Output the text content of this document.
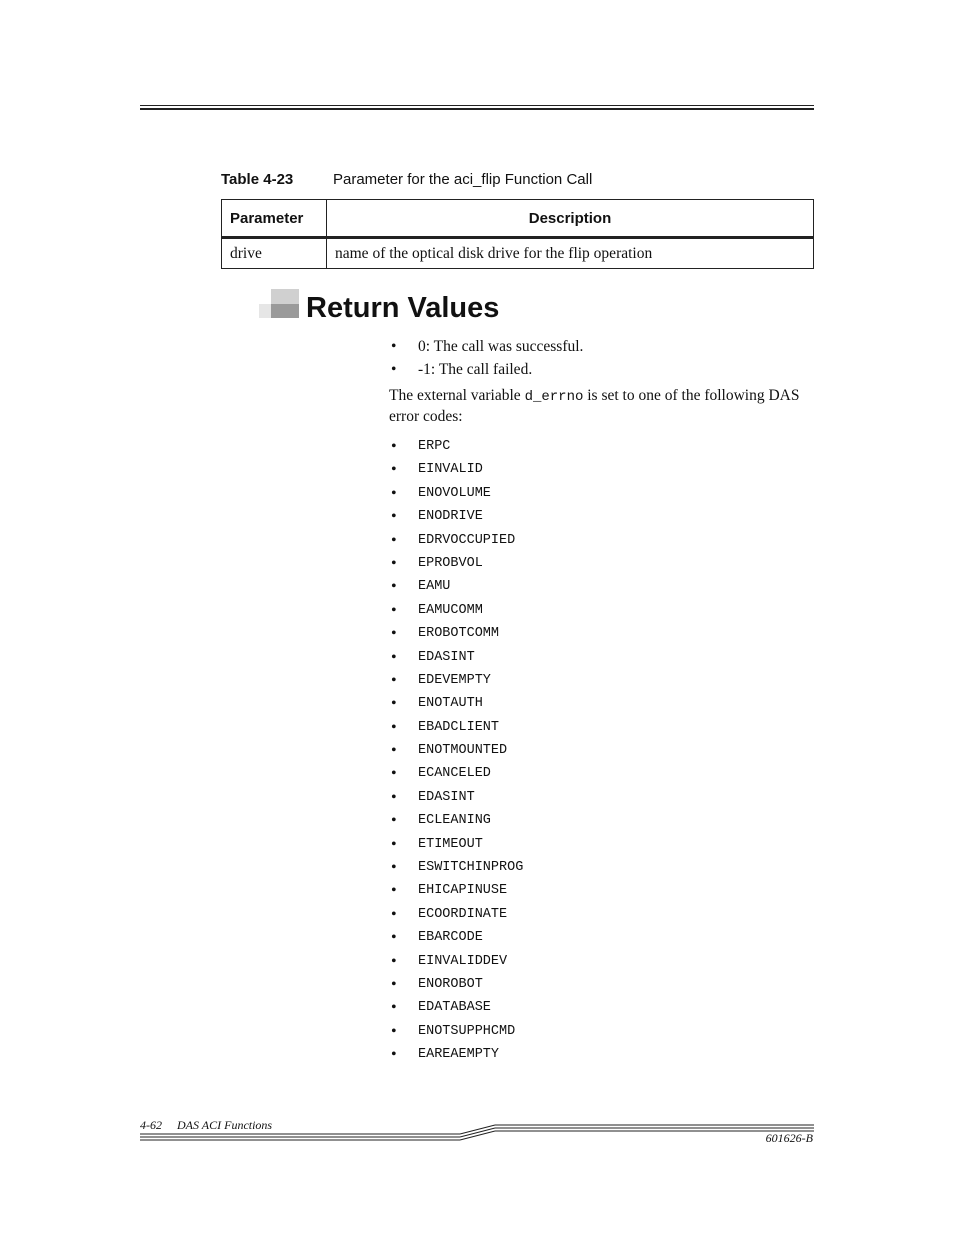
Table 4-23	Parameter for the aci_flip Function Call
Parameter	Description
drive	name of the optical disk drive for the flip operation
Return Values
• 0: The call was successful.
• -1: The call failed.

The external variable d_errno is set to one of the following DAS error codes:

• ERPC
• EINVALID
• ENOVOLUME
• ENODRIVE
• EDRVOCCUPIED
• EPROBVOL
• EAMU
• EAMUCOMM
• EROBOTCOMM
• EDASINT
• EDEVEMPTY
• ENOTAUTH
• EBADCLIENT
• ENOTMOUNTED
• ECANCELED
• EDASINT
• ECLEANING
• ETIMEOUT
• ESWITCHINPROG
• EHICAPINUSE
• ECOORDINATE
• EBARCODE
• EINVALIDDEV
• ENOROBOT
• EDATABASE
• ENOTSUPPHCMD
• EAREAEMPTY
4-62 DAS ACI Functions
601626-B
